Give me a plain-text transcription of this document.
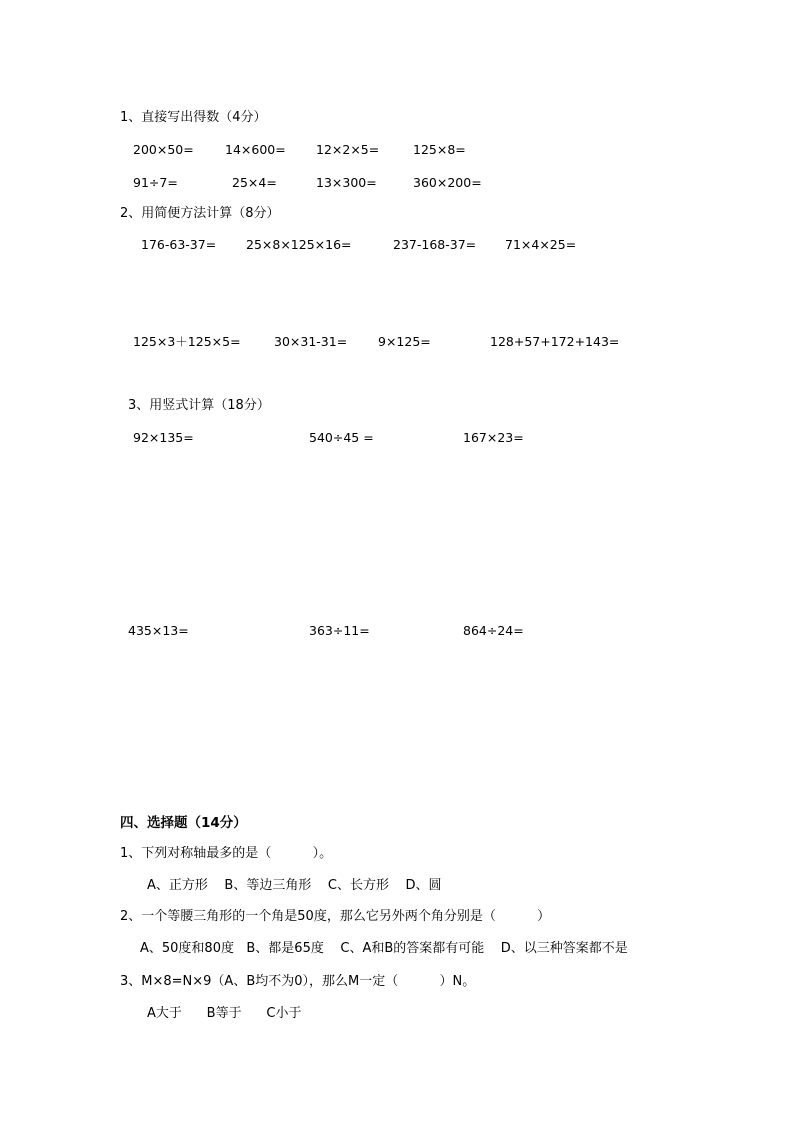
1、直接写出得数（4分）
200×50=	14×600= 12×2×5=	125×8=
91÷7=	25×4=	13×300=	360×200=
2、用简便方法计算（8分）
176-63-37= 25×8×125×16=	237-168-37= 71×4×25=
125×3＋125×5=	30×31-31= 9×125=	128+57+172+143=
3、用竖式计算（18分）
92×135=	540÷45 =	167×23=
435×13=	363÷11=	864÷24=
四、选择题（14分）
1、下列对称轴最多的是（          ）。
A、正方形    B、等边三角形    C、长方形    D、圆
2、一个等腰三角形的一个角是50度，那么它另外两个角分别是（          ）
A、50度和80度   B、都是65度    C、A和B的答案都有可能    D、以三种答案都不是
3、M×8=N×9（A、B均不为0），那么M一定（          ）N。
A大于      B等于      C小于
